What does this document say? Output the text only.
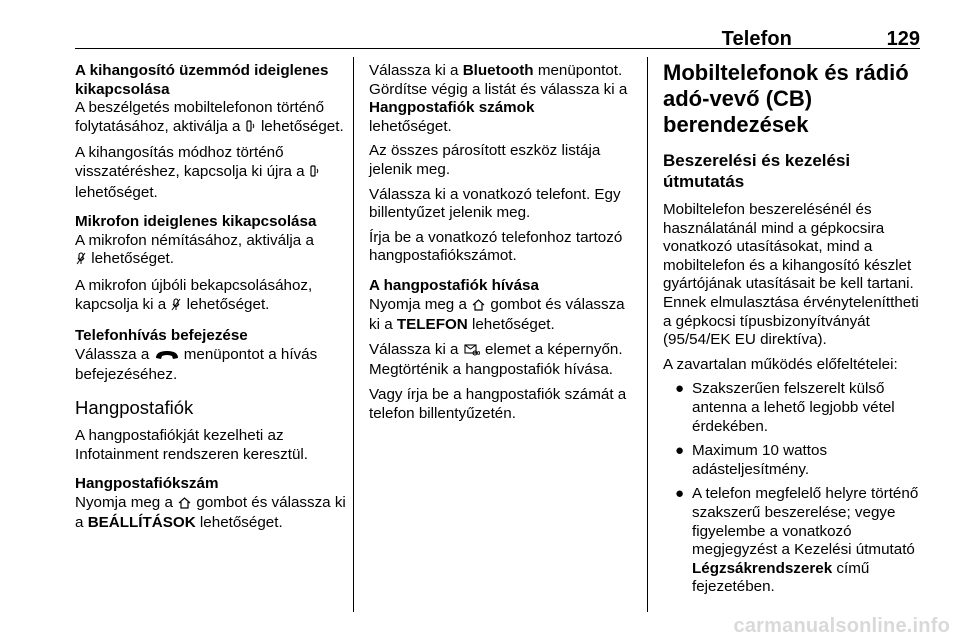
Telefon	129

A kihangosító üzemmód ideiglenes kikapcsolása

A beszélgetés mobiltelefonon történő folytatásához, aktiválja a lehetőséget.

A kihangosítás módhoz történő visszatéréshez, kapcsolja ki újra a  lehetőséget.

Mikrofon ideiglenes kikapcsolása

A mikrofon némításához, aktiválja a
lehetőséget.

A mikrofon újbóli bekapcsolásához, kapcsolja ki a lehetőséget.

Telefonhívás befejezése

Válassza a menüpontot a hívás befejezéséhez.

Hangpostafiók

A hangpostafiókját kezelheti az Infotainment rendszeren keresztül.

Hangpostafiókszám

Nyomja meg a gombot és válassza ki a BEÁLLÍTÁSOK lehetőséget.

Válassza ki a Bluetooth menüpontot. Gördítse végig a listát és válassza ki a Hangpostafiók számok
lehetőséget.

Az összes párosított eszköz listája jelenik meg.

Válassza ki a vonatkozó telefont. Egy billentyűzet jelenik meg.

Írja be a vonatkozó telefonhoz tartozó hangpostafiókszámot.

A hangpostafiók hívása

Nyomja meg a gombot és válassza ki a TELEFON lehetőséget.

Válassza ki a elemet a képernyőn. Megtörténik a hangpostafiók hívása.

Vagy írja be a hangpostafiók számát a telefon billentyűzetén.

Mobiltelefonok és rádió adó-vevő (CB) berendezések

Beszerelési és kezelési útmutatás

Mobiltelefon beszerelésénél és használatánál mind a gépkocsira vonatkozó utasításokat, mind a mobiltelefon és a kihangosító készlet gyártójának utasításait be kell tartani. Ennek elmulasztása érvényteleníttheti a gépkocsi típusbizonyítványát (95/54/EK EU direktíva).

A zavartalan működés előfeltételei:

● Szakszerűen felszerelt külső antenna a lehető legjobb vétel érdekében.
● Maximum 10 wattos adásteljesítmény.
● A telefon megfelelő helyre történő szakszerű beszerelése; vegye figyelembe a vonatkozó megjegyzést a Kezelési útmutató Légzsákrendszerek című fejezetében.
carmanualsonline.info
